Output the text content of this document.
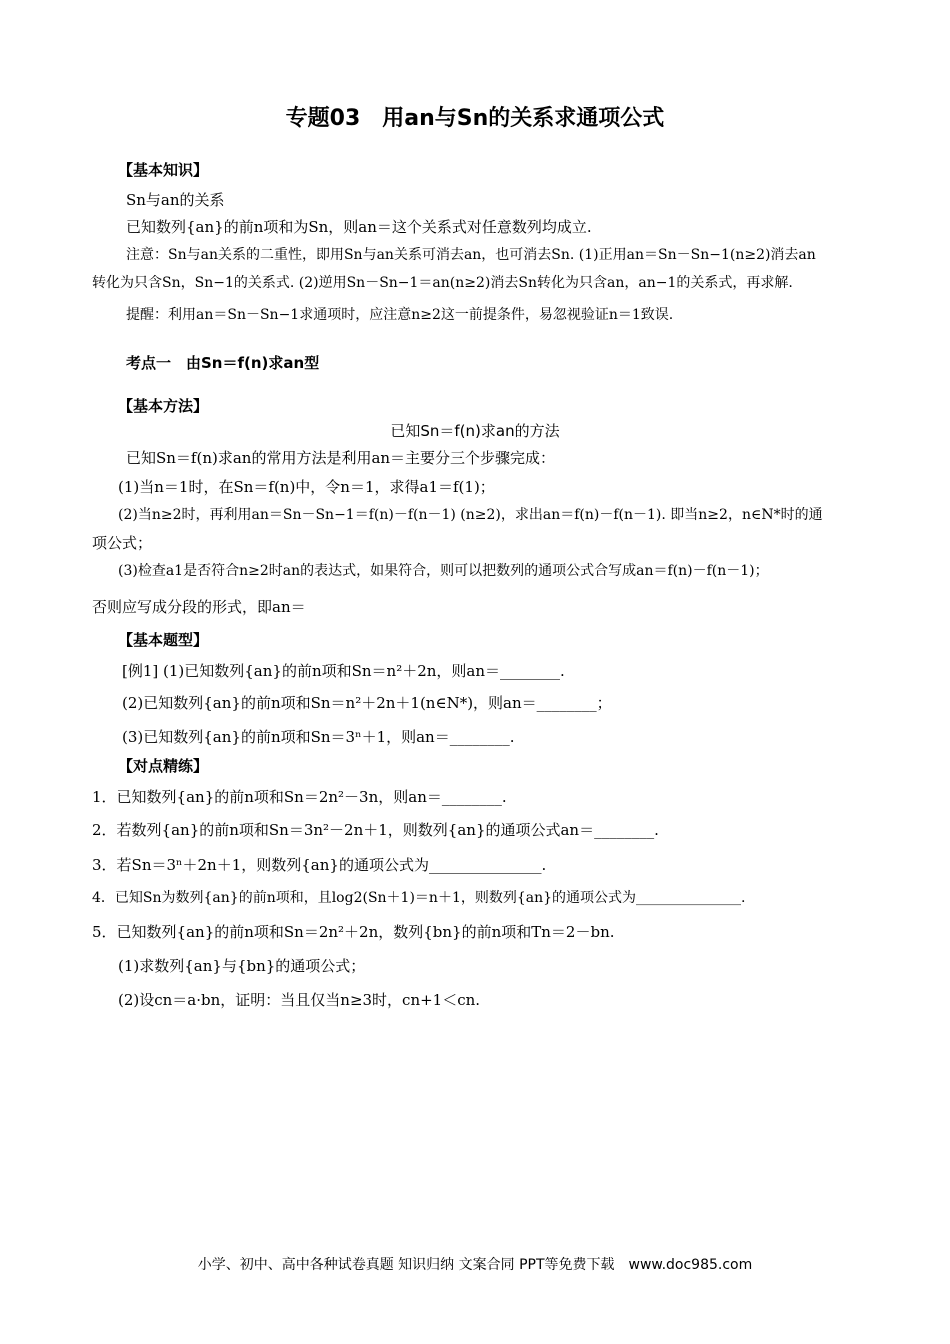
专题03　用an与Sn的关系求通项公式
【基本知识】
Sn与an的关系
已知数列{an}的前n项和为Sn，则an＝这个关系式对任意数列均成立.
注意：Sn与an关系的二重性，即用Sn与an关系可消去an，也可消去Sn. (1)正用an＝Sn－Sn−1(n≥2)消去an
转化为只含Sn，Sn−1的关系式. (2)逆用Sn－Sn−1＝an(n≥2)消去Sn转化为只含an，an−1的关系式，再求解.
提醒：利用an＝Sn－Sn−1求通项时，应注意n≥2这一前提条件，易忽视验证n＝1致误.
考点一　由Sn＝f(n)求an型
【基本方法】
已知Sn＝f(n)求an的方法
已知Sn＝f(n)求an的常用方法是利用an＝主要分三个步骤完成：
(1)当n＝1时，在Sn＝f(n)中，令n＝1，求得a1＝f(1)；
(2)当n≥2时，再利用an＝Sn－Sn−1＝f(n)－f(n－1) (n≥2)，求出an＝f(n)－f(n－1). 即当n≥2，n∈N*时的通
项公式；
(3)检查a1是否符合n≥2时an的表达式，如果符合，则可以把数列的通项公式合写成an＝f(n)－f(n－1)；
否则应写成分段的形式，即an＝
【基本题型】
[例1] (1)已知数列{an}的前n项和Sn＝n²＋2n，则an＝________.
(2)已知数列{an}的前n项和Sn＝n²＋2n＋1(n∈N*)，则an＝________；
(3)已知数列{an}的前n项和Sn＝3ⁿ＋1，则an＝________.
【对点精练】
1．已知数列{an}的前n项和Sn＝2n²－3n，则an＝________.
2．若数列{an}的前n项和Sn＝3n²－2n＋1，则数列{an}的通项公式an＝________.
3．若Sn＝3ⁿ＋2n＋1，则数列{an}的通项公式为_______________.
4．已知Sn为数列{an}的前n项和，且log2(Sn＋1)＝n＋1，则数列{an}的通项公式为_______________.
5．已知数列{an}的前n项和Sn＝2n²＋2n，数列{bn}的前n项和Tn＝2－bn.
(1)求数列{an}与{bn}的通项公式；
(2)设cn＝a·bn，证明：当且仅当n≥3时，cn+1＜cn.
小学、初中、高中各种试卷真题 知识归纳 文案合同 PPT等免费下载　www.doc985.com
